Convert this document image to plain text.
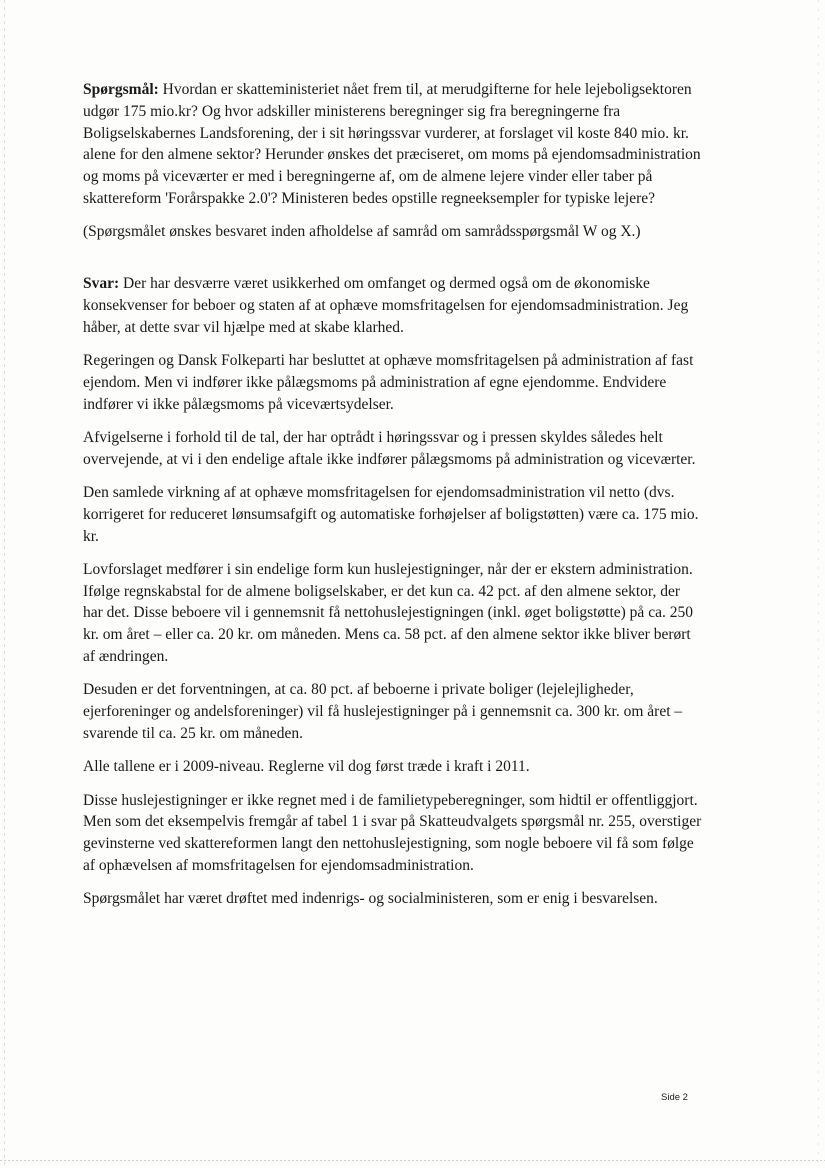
Spørgsmål: Hvordan er skatteministeriet nået frem til, at merudgifterne for hele lejeboligsektoren udgør 175 mio.kr? Og hvor adskiller ministerens beregninger sig fra beregningerne fra Boligselskabernes Landsforening, der i sit høringssvar vurderer, at forslaget vil koste 840 mio. kr. alene for den almene sektor? Herunder ønskes det præciseret, om moms på ejendomsadministration og moms på viceværter er med i beregningerne af, om de almene lejere vinder eller taber på skattereform 'Forårspakke 2.0'? Ministeren bedes opstille regneeksempler for typiske lejere?

(Spørgsmålet ønskes besvaret inden afholdelse af samråd om samrådsspørgsmål W og X.)

Svar: Der har desværre været usikkerhed om omfanget og dermed også om de økonomiske konsekvenser for beboer og staten af at ophæve momsfritagelsen for ejendomsadministration. Jeg håber, at dette svar vil hjælpe med at skabe klarhed.

Regeringen og Dansk Folkeparti har besluttet at ophæve momsfritagelsen på administration af fast ejendom. Men vi indfører ikke pålægsmoms på administration af egne ejendomme. Endvidere indfører vi ikke pålægsmoms på viceværtsydelser.

Afvigelserne i forhold til de tal, der har optrådt i høringssvar og i pressen skyldes således helt overvejende, at vi i den endelige aftale ikke indfører pålægsmoms på administration og viceværter.

Den samlede virkning af at ophæve momsfritagelsen for ejendomsadministration vil netto (dvs. korrigeret for reduceret lønsumsafgift og automatiske forhøjelser af boligstøtten) være ca. 175 mio. kr.

Lovforslaget medfører i sin endelige form kun huslejestigninger, når der er ekstern administration. Ifølge regnskabstal for de almene boligselskaber, er det kun ca. 42 pct. af den almene sektor, der har det. Disse beboere vil i gennemsnit få nettohuslejestigningen (inkl. øget boligstøtte) på ca. 250 kr. om året – eller ca. 20 kr. om måneden. Mens ca. 58 pct. af den almene sektor ikke bliver berørt af ændringen.

Desuden er det forventningen, at ca. 80 pct. af beboerne i private boliger (lejelejligheder, ejerforeninger og andelsforeninger) vil få huslejestigninger på i gennemsnit ca. 300 kr. om året – svarende til ca. 25 kr. om måneden.

Alle tallene er i 2009-niveau. Reglerne vil dog først træde i kraft i 2011.

Disse huslejestigninger er ikke regnet med i de familietypeberegninger, som hidtil er offentliggjort. Men som det eksempelvis fremgår af tabel 1 i svar på Skatteudvalgets spørgsmål nr. 255, overstiger gevinsterne ved skattereformen langt den nettohuslejestigning, som nogle beboere vil få som følge af ophævelsen af momsfritagelsen for ejendomsadministration.

Spørgsmålet har været drøftet med indenrigs- og socialministeren, som er enig i besvarelsen.

Side 2
